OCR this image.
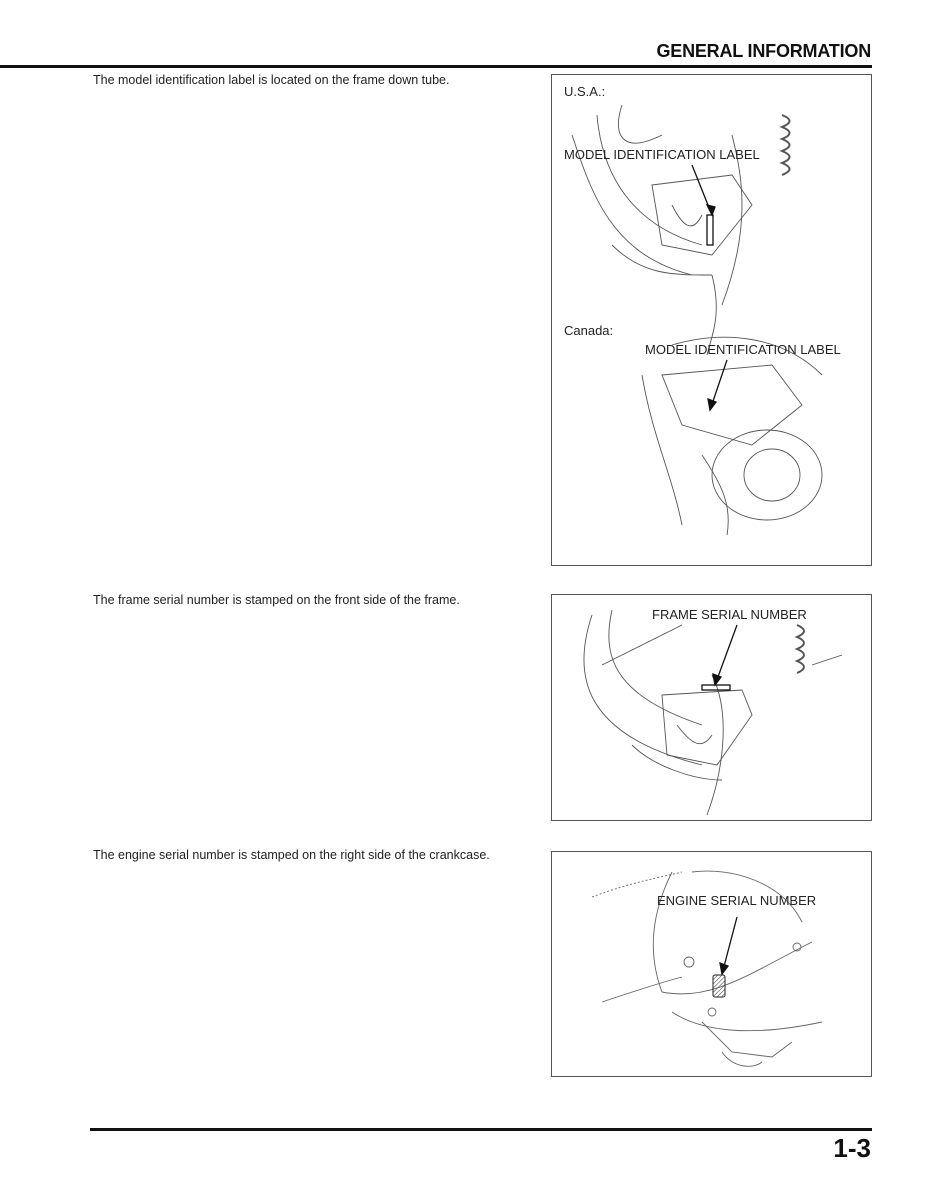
GENERAL INFORMATION
The model identification label is located on the frame down tube.
U.S.A.:
MODEL IDENTIFICATION LABEL
Canada:
MODEL IDENTIFICATION LABEL
The frame serial number is stamped on the front side of the frame.
FRAME SERIAL NUMBER
The engine serial number is stamped on the right side of the crankcase.
ENGINE SERIAL NUMBER
1-3
